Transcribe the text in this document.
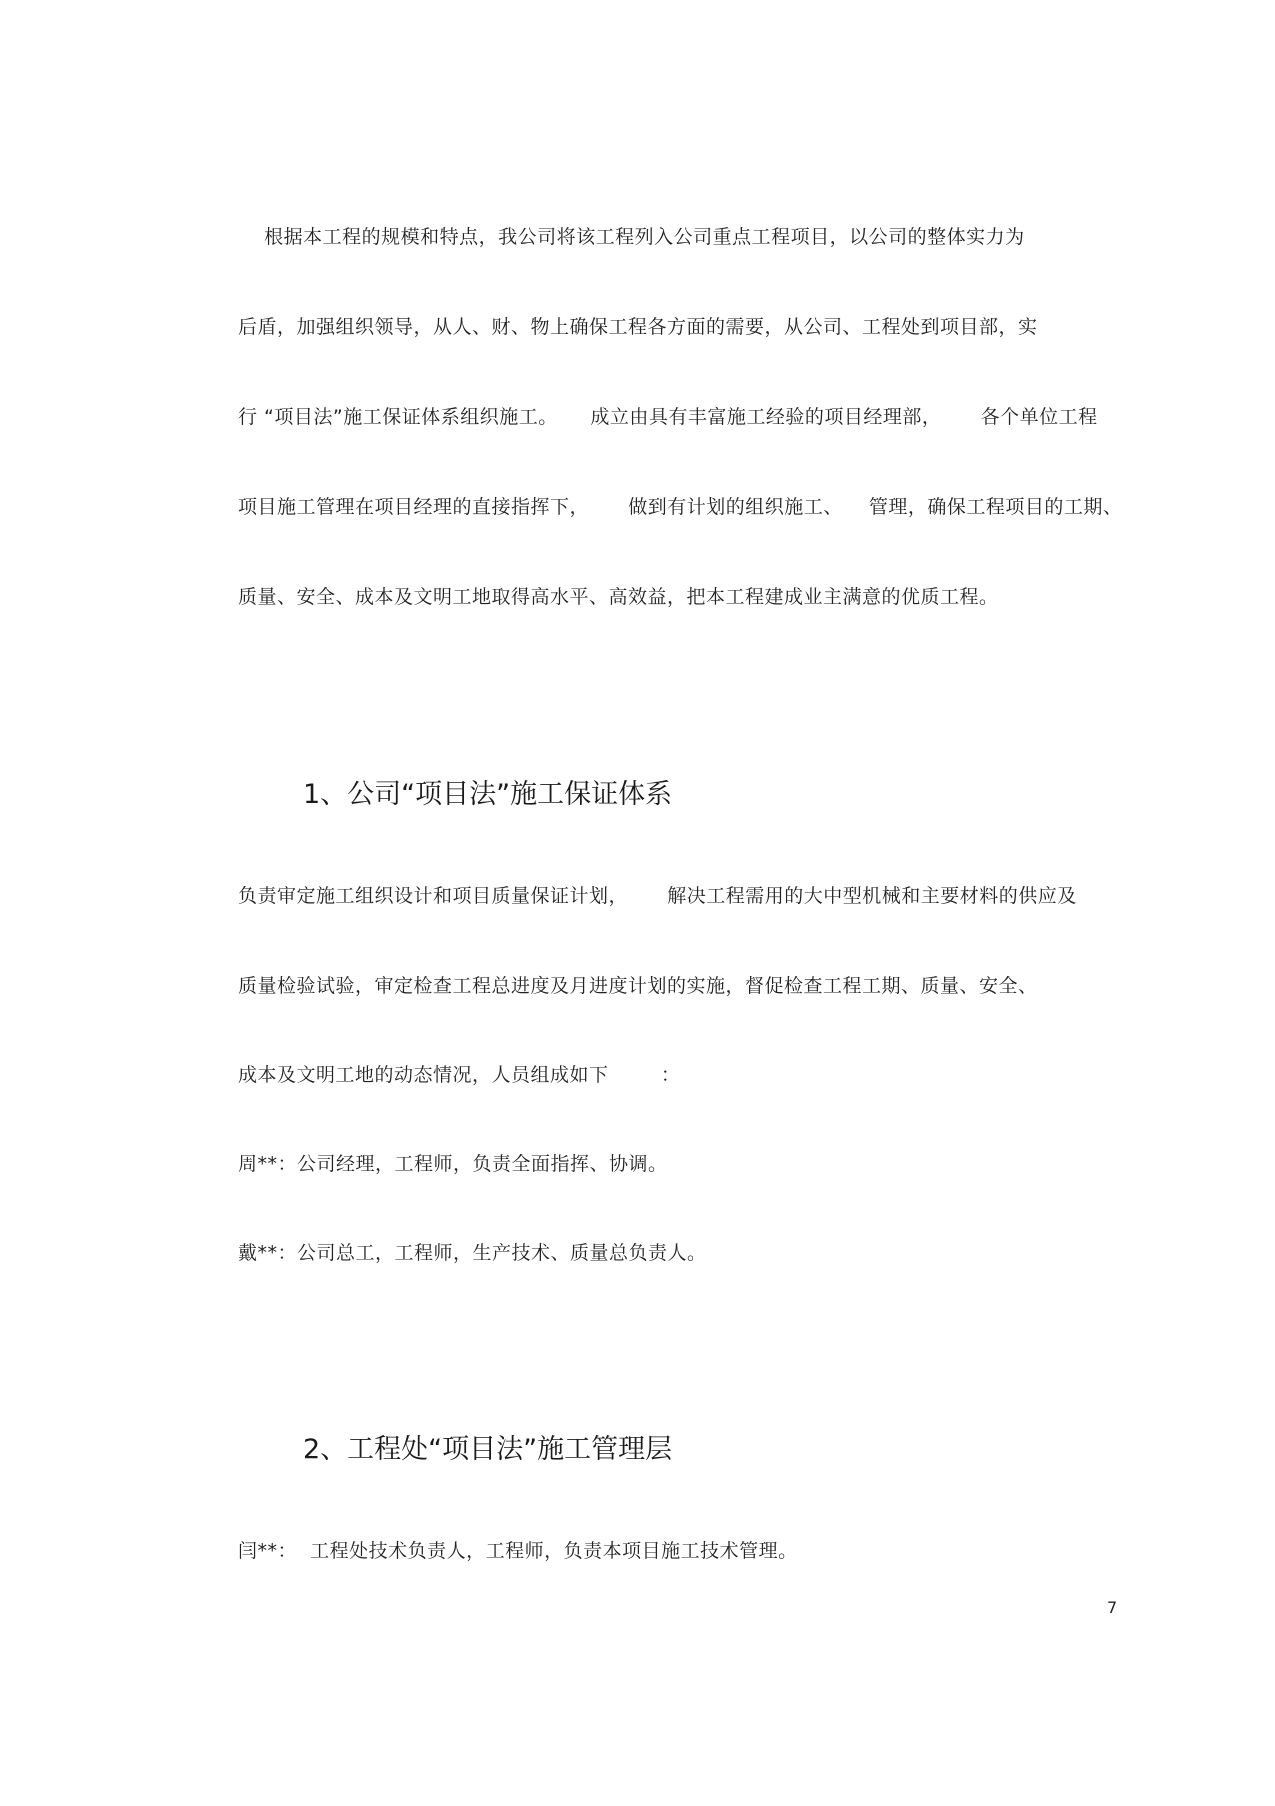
根据本工程的规模和特点，我公司将该工程列入公司重点工程项目，以公司的整体实力为
后盾，加强组织领导，从人、财、物上确保工程各方面的需要，从公司、工程处到项目部，实
行 “项目法”施工保证体系组织施工。     成立由具有丰富施工经验的项目经理部，      各个单位工程
项目施工管理在项目经理的直接指挥下，      做到有计划的组织施工、    管理，确保工程项目的工期、
质量、安全、成本及文明工地取得高水平、高效益，把本工程建成业主满意的优质工程。
1、公司“项目法”施工保证体系
负责审定施工组织设计和项目质量保证计划，      解决工程需用的大中型机械和主要材料的供应及
质量检验试验，审定检查工程总进度及月进度计划的实施，督促检查工程工期、质量、安全、
成本及文明工地的动态情况，人员组成如下        ：
周**：公司经理，工程师，负责全面指挥、协调。
戴**：公司总工，工程师，生产技术、质量总负责人。
2、工程处“项目法”施工管理层
闫**：  工程处技术负责人，工程师，负责本项目施工技术管理。
7
